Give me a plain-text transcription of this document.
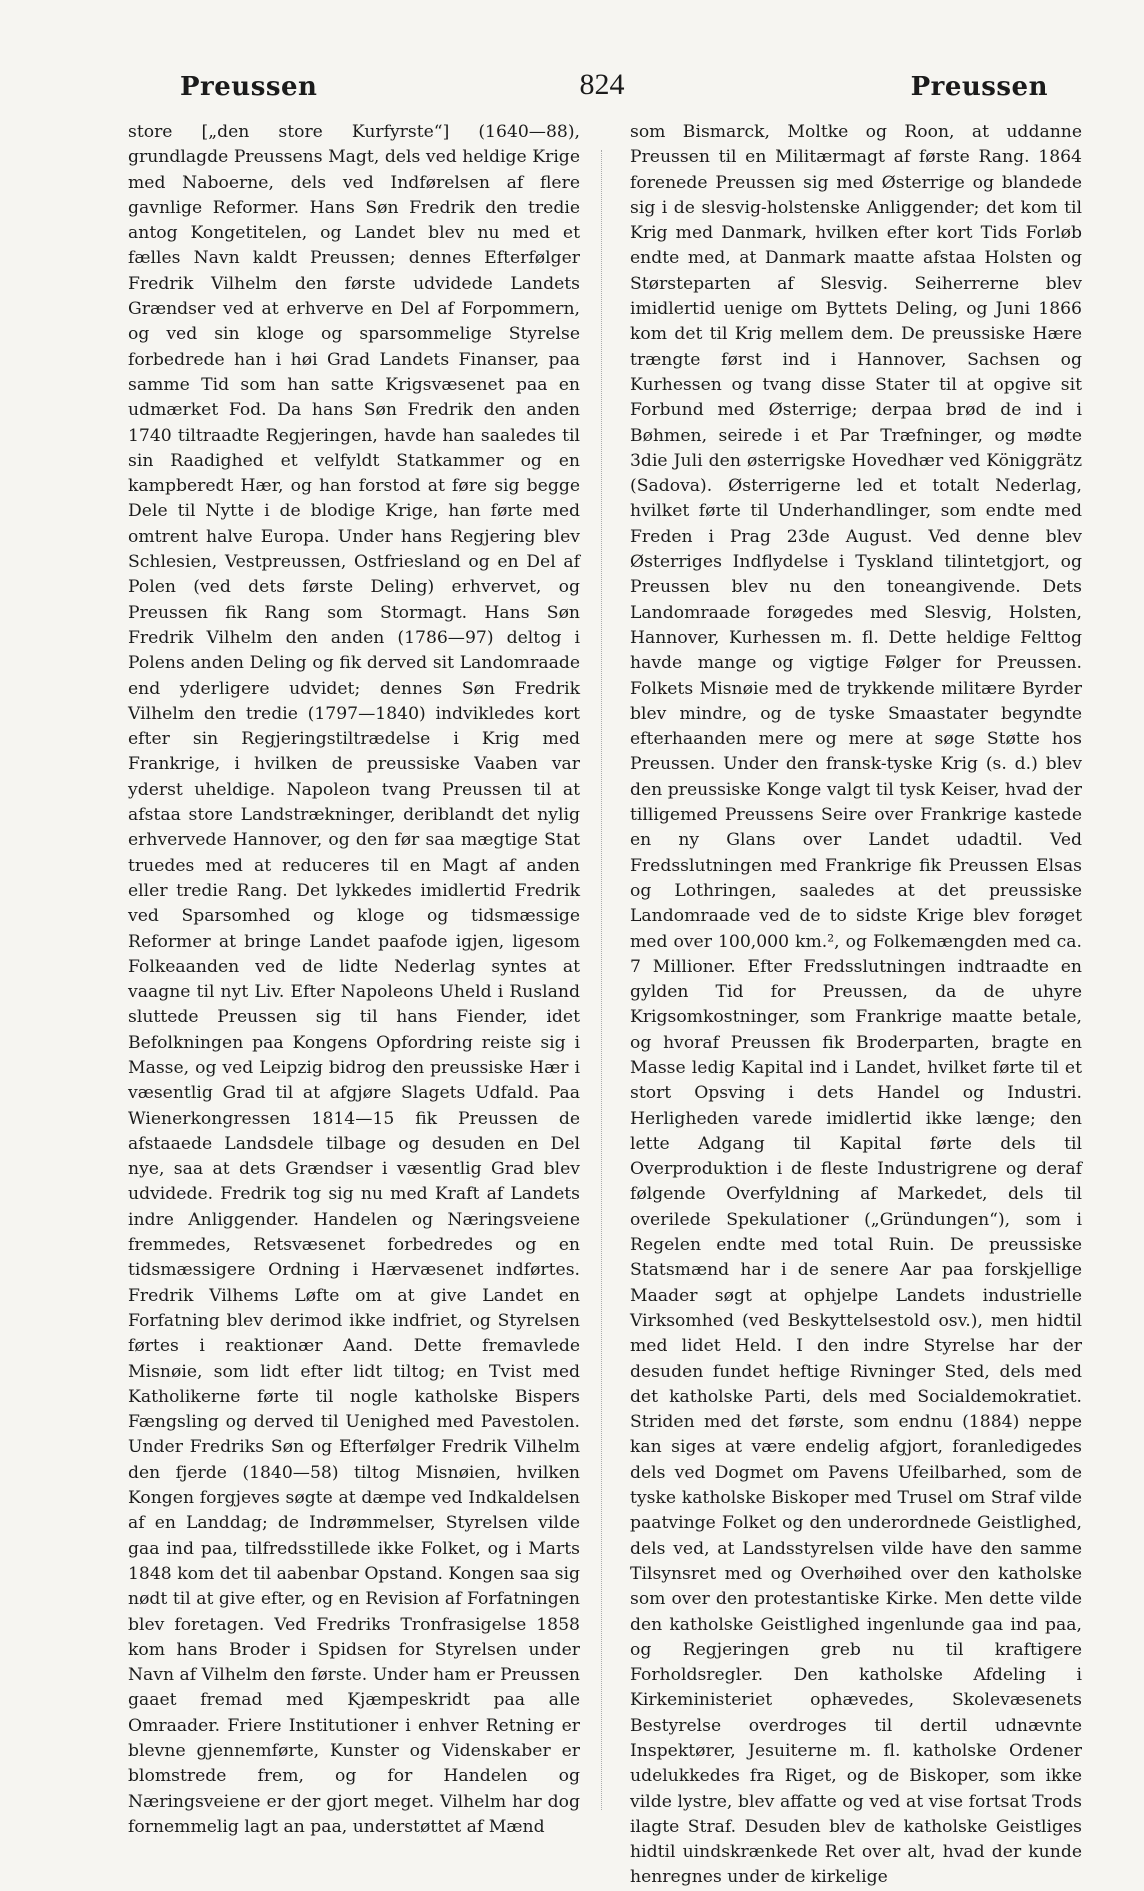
Preussen	824	Preussen

store [„den store Kurfyrste“] (1640—88), grundlagde Preussens Magt, dels ved heldige Krige med Naboerne, dels ved Indførelsen af flere gavnlige Reformer. Hans Søn Fredrik den tredie antog Kongetitelen, og Landet blev nu med et fælles Navn kaldt Preussen; dennes Efterfølger Fredrik Vilhelm den første udvidede Landets Grændser ved at erhverve en Del af Forpommern, og ved sin kloge og sparsommelige Styrelse forbedrede han i høi Grad Landets Finanser, paa samme Tid som han satte Krigsvæsenet paa en udmærket Fod. Da hans Søn Fredrik den anden 1740 tiltraadte Regjeringen, havde han saaledes til sin Raadighed et velfyldt Statkammer og en kampberedt Hær, og han forstod at føre sig begge Dele til Nytte i de blodige Krige, han førte med omtrent halve Europa. Under hans Regjering blev Schlesien, Vestpreussen, Ostfriesland og en Del af Polen (ved dets første Deling) erhvervet, og Preussen fik Rang som Stormagt. Hans Søn Fredrik Vilhelm den anden (1786—97) deltog i Polens anden Deling og fik derved sit Landomraade end yderligere udvidet; dennes Søn Fredrik Vilhelm den tredie (1797—1840) indvikledes kort efter sin Regjeringstiltrædelse i Krig med Frankrige, i hvilken de preussiske Vaaben var yderst uheldige. Napoleon tvang Preussen til at afstaa store Landstrækninger, deriblandt det nylig erhvervede Hannover, og den før saa mægtige Stat truedes med at reduceres til en Magt af anden eller tredie Rang. Det lykkedes imidlertid Fredrik ved Sparsomhed og kloge og tidsmæssige Reformer at bringe Landet paafode igjen, ligesom Folkeaanden ved de lidte Nederlag syntes at vaagne til nyt Liv. Efter Napoleons Uheld i Rusland sluttede Preussen sig til hans Fiender, idet Befolkningen paa Kongens Opfordring reiste sig i Masse, og ved Leipzig bidrog den preussiske Hær i væsentlig Grad til at afgjøre Slagets Udfald. Paa Wienerkongressen 1814—15 fik Preussen de afstaaede Landsdele tilbage og desuden en Del nye, saa at dets Grændser i væsentlig Grad blev udvidede. Fredrik tog sig nu med Kraft af Landets indre Anliggender. Handelen og Næringsveiene fremmedes, Retsvæsenet forbedredes og en tidsmæssigere Ordning i Hærvæsenet indførtes. Fredrik Vilhems Løfte om at give Landet en Forfatning blev derimod ikke indfriet, og Styrelsen førtes i reaktionær Aand. Dette fremavlede Misnøie, som lidt efter lidt tiltog; en Tvist med Katholikerne førte til nogle katholske Bispers Fængsling og derved til Uenighed med Pavestolen. Under Fredriks Søn og Efterfølger Fredrik Vilhelm den fjerde (1840—58) tiltog Misnøien, hvilken Kongen forgjeves søgte at dæmpe ved Indkaldelsen af en Landdag; de Indrømmelser, Styrelsen vilde gaa ind paa, tilfredsstillede ikke Folket, og i Marts 1848 kom det til aabenbar Opstand. Kongen saa sig nødt til at give efter, og en Revision af Forfatningen blev foretagen. Ved Fredriks Tronfrasigelse 1858 kom hans Broder i Spidsen for Styrelsen under Navn af Vilhelm den første. Under ham er Preussen gaaet fremad med Kjæmpeskridt paa alle Omraader. Friere Institutioner i enhver Retning er blevne gjennemførte, Kunster og Videnskaber er blomstrede frem, og for Handelen og Næringsveiene er der gjort meget. Vilhelm har dog fornemmelig lagt an paa, understøttet af Mænd

som Bismarck, Moltke og Roon, at uddanne Preussen til en Militærmagt af første Rang. 1864 forenede Preussen sig med Østerrige og blandede sig i de slesvig-holstenske Anliggender; det kom til Krig med Danmark, hvilken efter kort Tids Forløb endte med, at Danmark maatte afstaa Holsten og Størsteparten af Slesvig. Seiherrerne blev imidlertid uenige om Byttets Deling, og Juni 1866 kom det til Krig mellem dem. De preussiske Hære trængte først ind i Hannover, Sachsen og Kurhessen og tvang disse Stater til at opgive sit Forbund med Østerrige; derpaa brød de ind i Bøhmen, seirede i et Par Træfninger, og mødte 3die Juli den østerrigske Hovedhær ved Königgrätz (Sadova). Østerrigerne led et totalt Nederlag, hvilket førte til Underhandlinger, som endte med Freden i Prag 23de August. Ved denne blev Østerriges Indflydelse i Tyskland tilintetgjort, og Preussen blev nu den toneangivende. Dets Landomraade forøgedes med Slesvig, Holsten, Hannover, Kurhessen m. fl. Dette heldige Felttog havde mange og vigtige Følger for Preussen. Folkets Misnøie med de trykkende militære Byrder blev mindre, og de tyske Smaastater begyndte efterhaanden mere og mere at søge Støtte hos Preussen. Under den fransk-tyske Krig (s. d.) blev den preussiske Konge valgt til tysk Keiser, hvad der tilligemed Preussens Seire over Frankrige kastede en ny Glans over Landet udadtil. Ved Fredsslutningen med Frankrige fik Preussen Elsas og Lothringen, saaledes at det preussiske Landomraade ved de to sidste Krige blev forøget med over 100,000 km.², og Folkemængden med ca. 7 Millioner. Efter Fredsslutningen indtraadte en gylden Tid for Preussen, da de uhyre Krigsomkostninger, som Frankrige maatte betale, og hvoraf Preussen fik Broderparten, bragte en Masse ledig Kapital ind i Landet, hvilket førte til et stort Opsving i dets Handel og Industri. Herligheden varede imidlertid ikke længe; den lette Adgang til Kapital førte dels til Overproduktion i de fleste Industrigrene og deraf følgende Overfyldning af Markedet, dels til overilede Spekulationer („Gründungen“), som i Regelen endte med total Ruin. De preussiske Statsmænd har i de senere Aar paa forskjellige Maader søgt at ophjelpe Landets industrielle Virksomhed (ved Beskyttelsestold osv.), men hidtil med lidet Held. I den indre Styrelse har der desuden fundet heftige Rivninger Sted, dels med det katholske Parti, dels med Socialdemokratiet. Striden med det første, som endnu (1884) neppe kan siges at være endelig afgjort, foranledigedes dels ved Dogmet om Pavens Ufeilbarhed, som de tyske katholske Biskoper med Trusel om Straf vilde paatvinge Folket og den underordnede Geistlighed, dels ved, at Landsstyrelsen vilde have den samme Tilsynsret med og Overhøihed over den katholske som over den protestantiske Kirke. Men dette vilde den katholske Geistlighed ingenlunde gaa ind paa, og Regjeringen greb nu til kraftigere Forholdsregler. Den katholske Afdeling i Kirkeministeriet ophævedes, Skolevæsenets Bestyrelse overdroges til dertil udnævnte Inspektører, Jesuiterne m. fl. katholske Ordener udelukkedes fra Riget, og de Biskoper, som ikke vilde lystre, blev affatte og ved at vise fortsat Trods ilagte Straf. Desuden blev de katholske Geistliges hidtil uindskrænkede Ret over alt, hvad der kunde henregnes under de kirkelige
